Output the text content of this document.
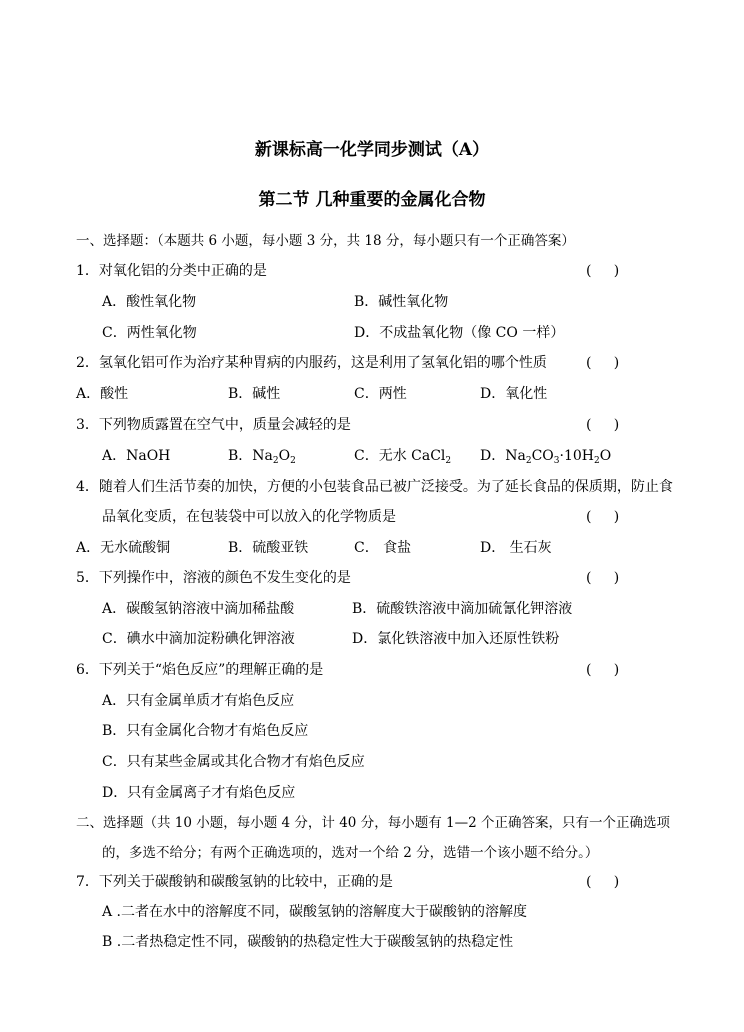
新课标高一化学同步测试（A）
第二节 几种重要的金属化合物
一、选择题：（本题共 6 小题，每小题 3 分，共 18 分，每小题只有一个正确答案）
1．对氧化铝的分类中正确的是	(     )
A．酸性氧化物	B．碱性氧化物
C．两性氧化物	D．不成盐氧化物（像 CO 一样）
2．氢氧化铝可作为治疗某种胃病的内服药，这是利用了氢氧化铝的哪个性质	(     )
A．酸性	B．碱性	C．两性	D．氧化性
3．下列物质露置在空气中，质量会减轻的是	(     )
A．NaOH	B．$Na_2O_2$	C．无水 CaCl$_2$ D．$Na_2CO_3\cdot 10H_2O$
4．随着人们生活节奏的加快，方便的小包装食品已被广泛接受。为了延长食品的保质期，防止食
品氧化变质，在包装袋中可以放入的化学物质是	(     )
A．无水硫酸铜	B．硫酸亚铁	C． 食盐	D． 生石灰
5．下列操作中，溶液的颜色不发生变化的是	(     )
A．碳酸氢钠溶液中滴加稀盐酸	B．硫酸铁溶液中滴加硫氰化钾溶液
C．碘水中滴加淀粉碘化钾溶液	D．氯化铁溶液中加入还原性铁粉
6．下列关于“焰色反应”的理解正确的是	(     )
A．只有金属单质才有焰色反应
B．只有金属化合物才有焰色反应
C．只有某些金属或其化合物才有焰色反应
D．只有金属离子才有焰色反应
二、选择题（共 10 小题，每小题 4 分，计 40 分，每小题有 1—2 个正确答案，只有一个正确选项
的，多选不给分；有两个正确选项的，选对一个给 2 分，选错一个该小题不给分。）
7．下列关于碳酸钠和碳酸氢钠的比较中，正确的是	(     )
A .二者在水中的溶解度不同，碳酸氢钠的溶解度大于碳酸钠的溶解度
B .二者热稳定性不同，碳酸钠的热稳定性大于碳酸氢钠的热稳定性
